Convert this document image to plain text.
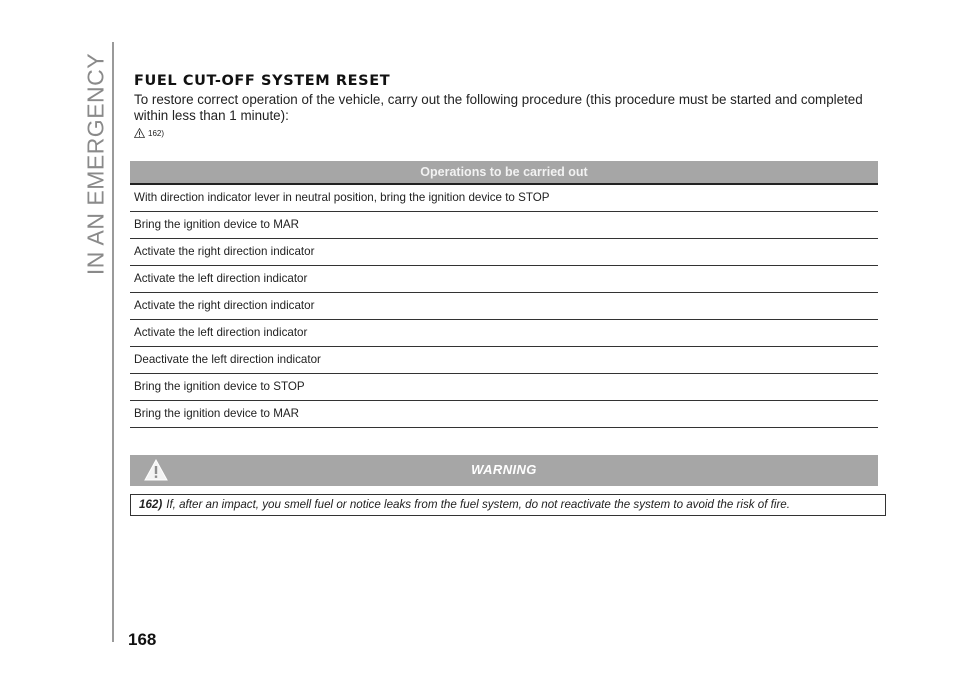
IN AN EMERGENCY FUEL CUT-OFF SYSTEM RESET
To restore correct operation of the vehicle, carry out the following procedure (this procedure must be started and completed within less than 1 minute):
162)
Operations to be carried out
With direction indicator lever in neutral position, bring the ignition device to STOP
Bring the ignition device to MAR
Activate the right direction indicator
Activate the left direction indicator
Activate the right direction indicator
Activate the left direction indicator
Deactivate the left direction indicator
Bring the ignition device to STOP
Bring the ignition device to MAR
WARNING
162) If, after an impact, you smell fuel or notice leaks from the fuel system, do not reactivate the system to avoid the risk of fire.
168
